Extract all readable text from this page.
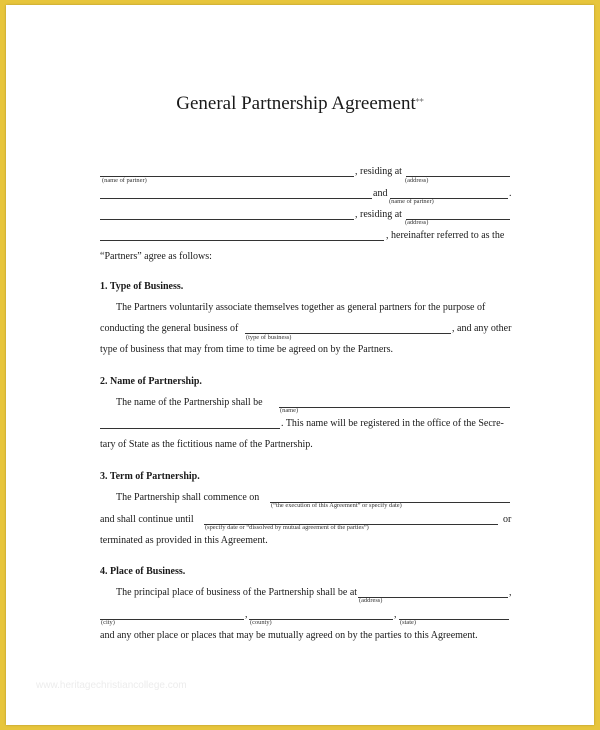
General Partnership Agreement⁎⁎
, residing at
(name of partner)	(address)
and	.
(name of partner)
, residing at
(address)
, hereinafter referred to as the
“Partners” agree as follows:
1. Type of Business.
The Partners voluntarily associate themselves together as general partners for the purpose of
conducting the general business of	, and any other
(type of business)
type of business that may from time to time be agreed on by the Partners.
2. Name of Partnership.
The name of the Partnership shall be
(name)
. This name will be registered in the office of the Secre-
tary of State as the fictitious name of the Partnership.
3. Term of Partnership.
The Partnership shall commence on
(“the execution of this Agreement” or specify date)
and shall continue until	or
(specify date or “dissolved by mutual agreement of the parties”)
terminated as provided in this Agreement.
4. Place of Business.
The principal place of business of the Partnership shall be at	,
(address)
,	,
(city)	(county)	(state)
and any other place or places that may be mutually agreed on by the parties to this Agreement.
www.heritagechristiancollege.com
